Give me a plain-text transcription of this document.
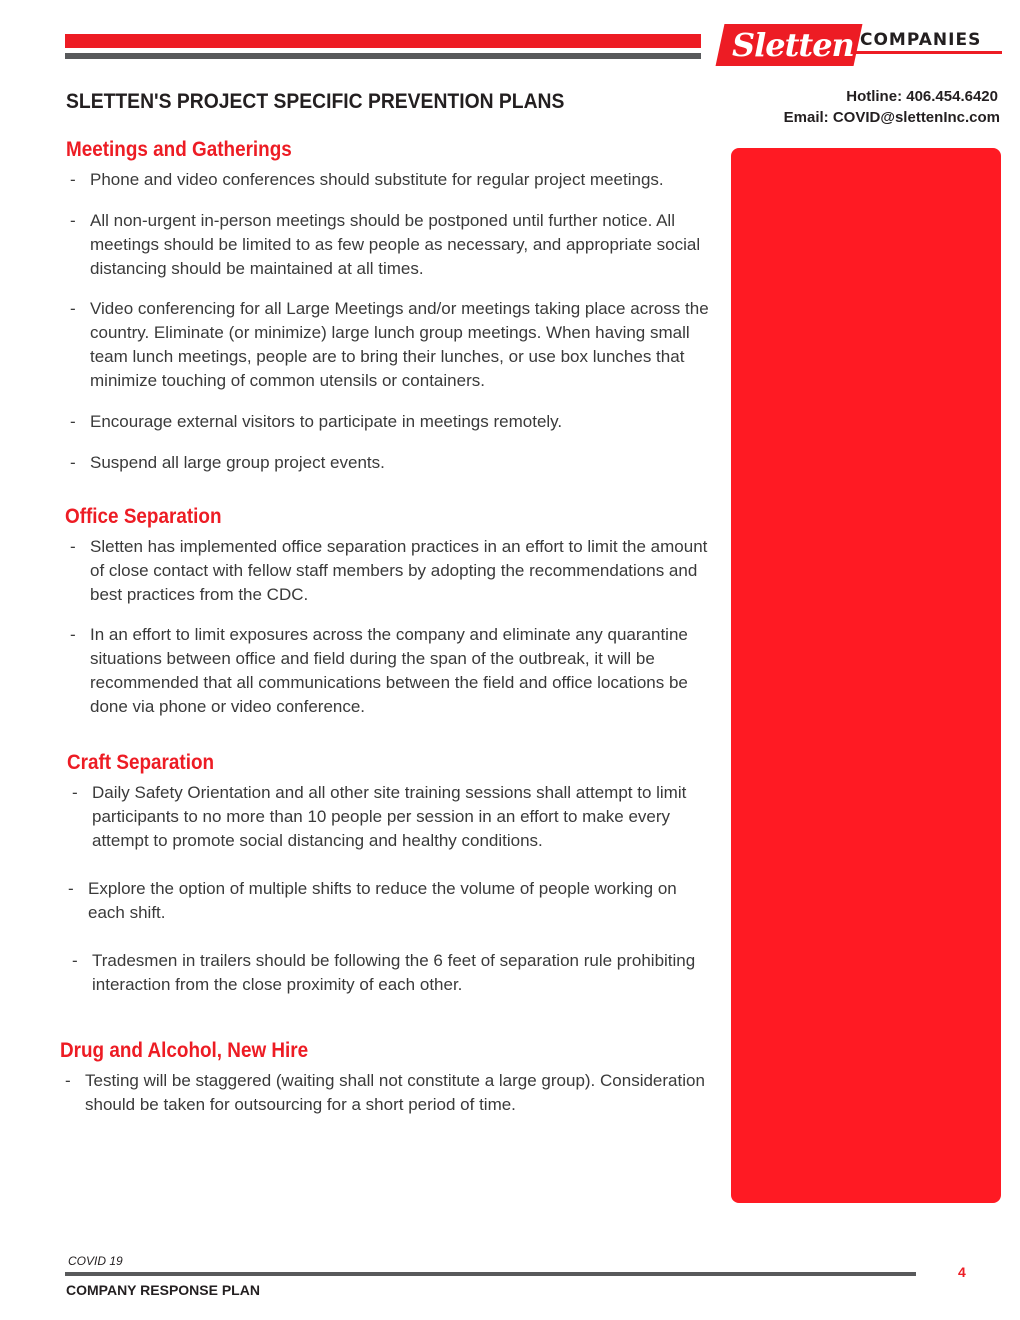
Sletten COMPANIES
SLETTEN'S PROJECT SPECIFIC PREVENTION PLANS	Hotline: 406.454.6420
Email: COVID@slettenInc.com
Meetings and Gatherings
- Phone and video conferences should substitute for regular project meetings.
- All non-urgent in-person meetings should be postponed until further notice. All meetings should be limited to as few people as necessary, and appropriate social distancing should be maintained at all times.
- Video conferencing for all Large Meetings and/or meetings taking place across the country. Eliminate (or minimize) large lunch group meetings. When having small team lunch meetings, people are to bring their lunches, or use box lunches that minimize touching of common utensils or containers.
- Encourage external visitors to participate in meetings remotely.
- Suspend all large group project events.
Office Separation
- Sletten has implemented office separation practices in an effort to limit the amount of close contact with fellow staff members by adopting the recommendations and best practices from the CDC.
- In an effort to limit exposures across the company and eliminate any quarantine situations between office and field during the span of the outbreak, it will be recommended that all communications between the field and office locations be done via phone or video conference.
Craft Separation
- Daily Safety Orientation and all other site training sessions shall attempt to limit participants to no more than 10 people per session in an effort to make every attempt to promote social distancing and healthy conditions.
- Explore the option of multiple shifts to reduce the volume of people working on each shift.
- Tradesmen in trailers should be following the 6 feet of separation rule prohibiting interaction from the close proximity of each other.
Drug and Alcohol, New Hire
- Testing will be staggered (waiting shall not constitute a large group). Consideration should be taken for outsourcing for a short period of time.
COVID 19
COMPANY RESPONSE PLAN
4
